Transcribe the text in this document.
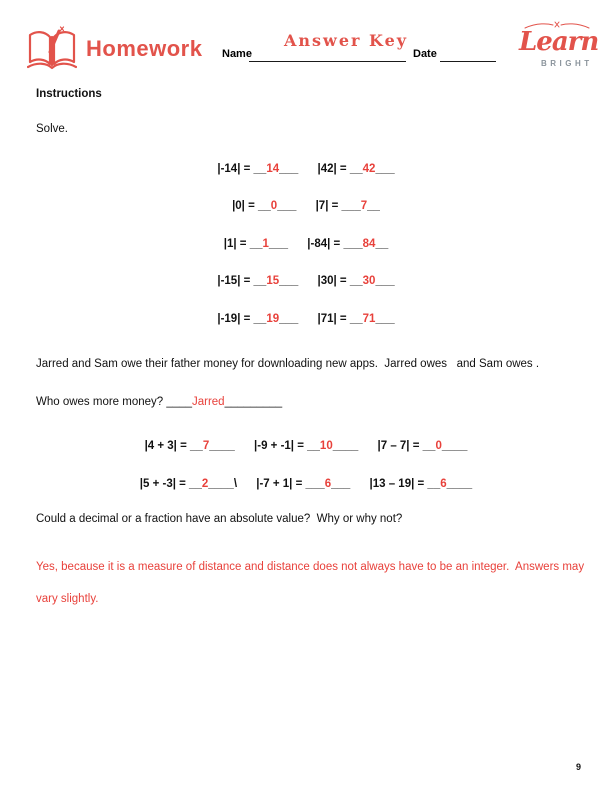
Homework Name
Answer Key
Date	Learn
BRIGHT
Instructions
Solve.
|-14| = __14___ |42| = __42___
|0| = __0___ |7| = ___7__
|1| = __1___ |-84| = ___84__
|-15| = __15___ |30| = __30___
|-19| = __19___ |71| = __71___
Jarred and Sam owe their father money for downloading new apps.  Jarred owes   and Sam owes .
Who owes more money? ____Jarred_________
|4 + 3| = __7____ |-9 + -1| = __10____ |7 – 7| = __0____
|5 + -3| = __2____\ |-7 + 1| = ___6___ |13 – 19| = __6____
Could a decimal or a fraction have an absolute value?  Why or why not?
Yes, because it is a measure of distance and distance does not always have to be an integer.  Answers may
vary slightly.
9
